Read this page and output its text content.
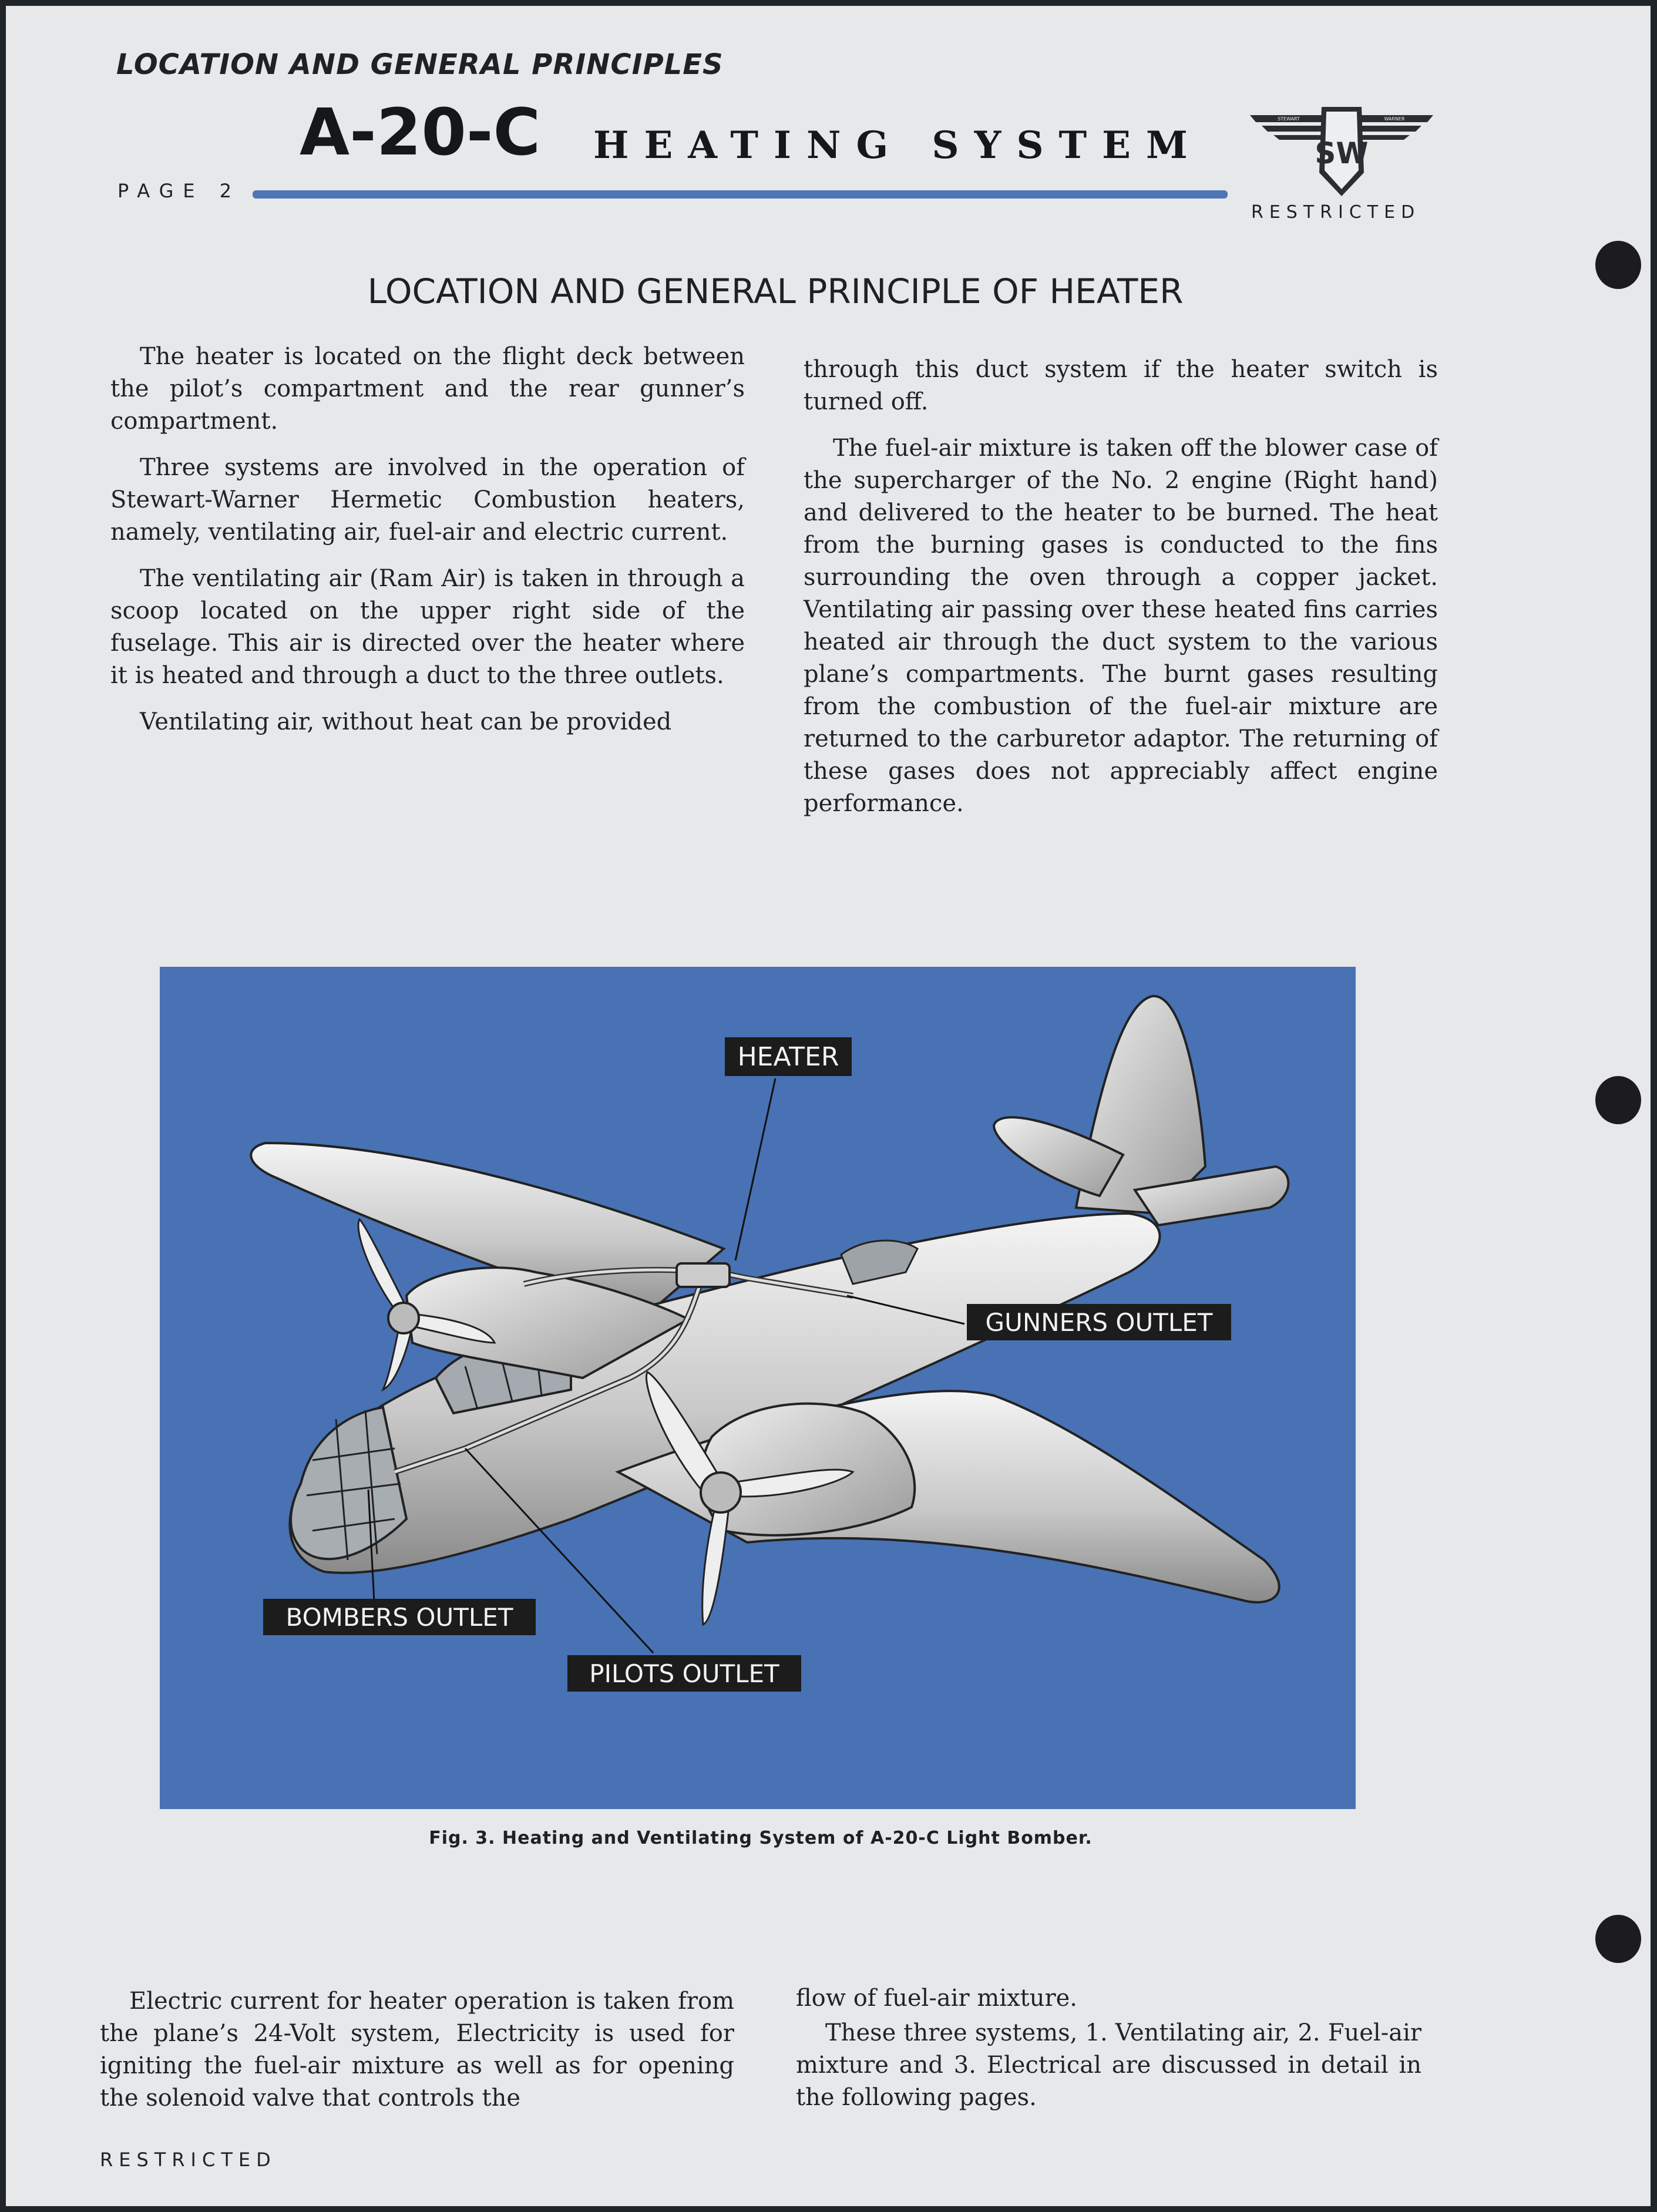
LOCATION AND GENERAL PRINCIPLES
A-20-C HEATING SYSTEM
PAGE 2
SW
STEWART	WARNER
RESTRICTED
LOCATION AND GENERAL PRINCIPLE OF HEATER

The heater is located on the flight deck between the pilot’s compartment and the rear gunner’s compartment.

Three systems are involved in the operation of Stewart-Warner Hermetic Combustion heaters, namely, ventilating air, fuel-air and electric current.

The ventilating air (Ram Air) is taken in through a scoop located on the upper right side of the fuselage. This air is directed over the heater where it is heated and through a duct to the three outlets.

Ventilating air, without heat can be provided

through this duct system if the heater switch is turned off.

The fuel-air mixture is taken off the blower case of the supercharger of the No. 2 engine (Right hand) and delivered to the heater to be burned. The heat from the burning gases is conducted to the fins surrounding the oven through a copper jacket. Ventilating air passing over these heated fins carries heated air through the duct system to the various plane’s compartments. The burnt gases resulting from the combustion of the fuel-air mixture are returned to the carburetor adaptor. The returning of these gases does not appreciably affect engine performance.

HEATER
GUNNERS OUTLET
BOMBERS OUTLET
PILOTS OUTLET
Fig. 3. Heating and Ventilating System of A-20-C Light Bomber.

Electric current for heater operation is taken from the plane’s 24-Volt system, Electricity is used for igniting the fuel-air mixture as well as for opening the solenoid valve that controls the

flow of fuel-air mixture.

These three systems, 1. Ventilating air, 2. Fuel-air mixture and 3. Electrical are discussed in detail in the following pages.

RESTRICTED
